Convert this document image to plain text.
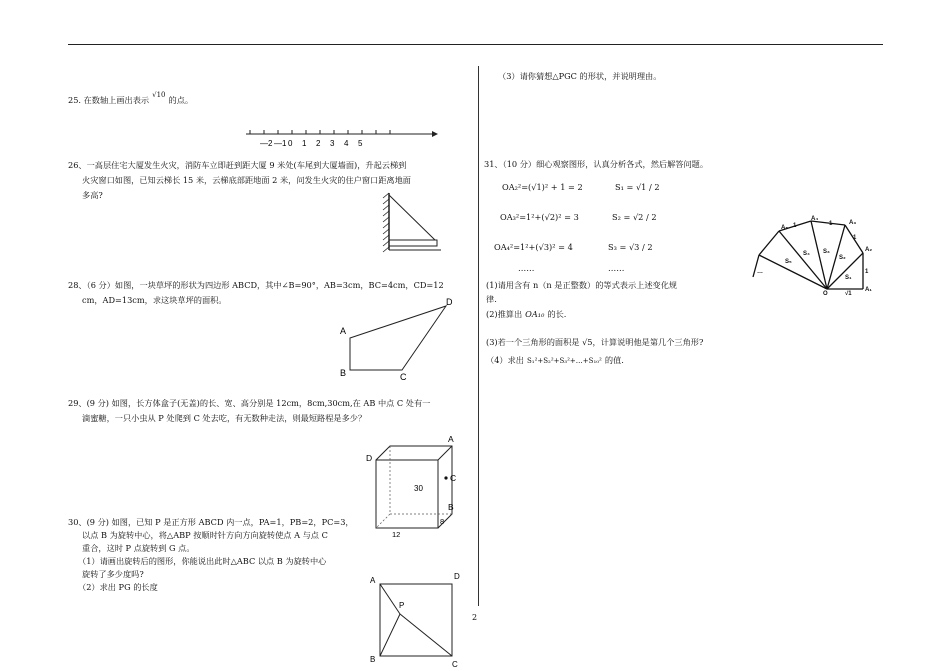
25. 在数轴上画出表示 √10 的点。
—2 —1 0 1 2 3 4 5
26、一高层住宅大厦发生火灾，消防车立即赶到距大厦 9 米处(车尾到大厦墙面)，升起云梯到
火灾窗口如图，已知云梯长 15 米，云梯底部距地面 2 米，问发生火灾的住户窗口距离地面
多高?
28、（6 分）如图，一块草坪的形状为四边形 ABCD，其中∠B=90°，AB=3cm，BC=4cm，CD=12
cm，AD=13cm，求这块草坪的面积。
A
B	C
D
29、(9 分) 如图，长方体盒子(无盖)的长、宽、高分别是 12cm，8cm,30cm,在 AB 中点 C 处有一
滴蜜糖，一只小虫从 P 处爬到 C 处去吃，有无数种走法，则最短路程是多少？
A
D
C
B
30
8
12
30、(9 分) 如图，已知 P 是正方形 ABCD 内一点，PA=1，PB=2，PC=3，
以点 B 为旋转中心，将△ABP 按顺时针方向方向旋转使点 A 与点 C
重合，这时 P 点旋转到 G 点。
（1）请画出旋转后的图形，你能说出此时△ABC 以点 B 为旋转中心
旋转了多少度吗?
（2）求出 PG 的长度
A	D
P
B
C
（3）请你猜想△PGC 的形状，并说明理由。
31、（10 分）细心观察图形，认真分析各式，然后解答问题。
OA₂²=(√1)² + 1 = 2	S₁ = √1 / 2
OA₃²=1²+(√2)² = 3	S₂ = √2 / 2
OA₄²=1²+(√3)² = 4	S₃ = √3 / 2
……	……
(1)请用含有 n（n 是正整数）的等式表示上述变化规
律.
(2)推算出 OA₁₀ 的长.
(3)若一个三角形的面积是 √5，计算说明他是第几个三角形?
（4）求出 S₁²+S₂²+S₃²+…+S₁₀² 的值.
A₅
A₄
A₃
A₂
A₁
O	√1
1
1
1
1
S₁
S₂
S₃
S₄
S₅
…
2
